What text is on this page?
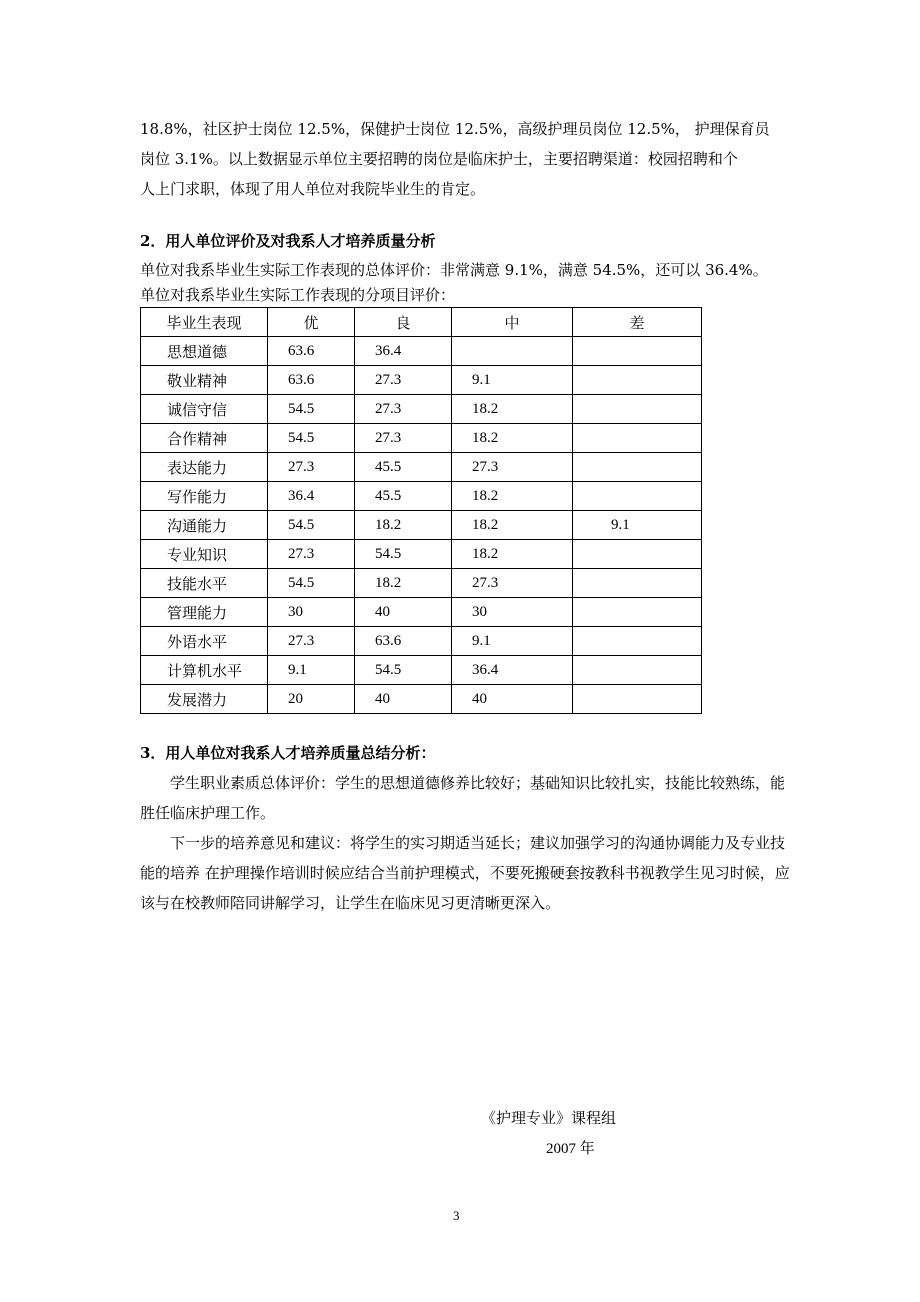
18.8%，社区护士岗位 12.5%，保健护士岗位 12.5%，高级护理员岗位 12.5%， 护理保育员

岗位 3.1%。以上数据显示单位主要招聘的岗位是临床护士，主要招聘渠道：校园招聘和个

人上门求职，体现了用人单位对我院毕业生的肯定。

2．用人单位评价及对我系人才培养质量分析

单位对我系毕业生实际工作表现的总体评价：非常满意 9.1%，满意 54.5%，还可以 36.4%。

单位对我系毕业生实际工作表现的分项目评价：

毕业生表现	优	良	中	差
思想道德	63.6	36.4		
敬业精神	63.6	27.3	9.1	
诚信守信	54.5	27.3	18.2	
合作精神	54.5	27.3	18.2	
表达能力	27.3	45.5	27.3	
写作能力	36.4	45.5	18.2	
沟通能力	54.5	18.2	18.2	9.1
专业知识	27.3	54.5	18.2	
技能水平	54.5	18.2	27.3	
管理能力	30	40	30	
外语水平	27.3	63.6	9.1	
计算机水平	9.1	54.5	36.4	
发展潜力	20	40	40	

3．用人单位对我系人才培养质量总结分析：

学生职业素质总体评价：学生的思想道德修养比较好；基础知识比较扎实，技能比较熟练，能胜任临床护理工作。

下一步的培养意见和建议：将学生的实习期适当延长；建议加强学习的沟通协调能力及专业技能的培养 在护理操作培训时候应结合当前护理模式，不要死搬硬套按教科书视教学生见习时候，应该与在校教师陪同讲解学习，让学生在临床见习更清晰更深入。

《护理专业》课程组
2007 年
3
